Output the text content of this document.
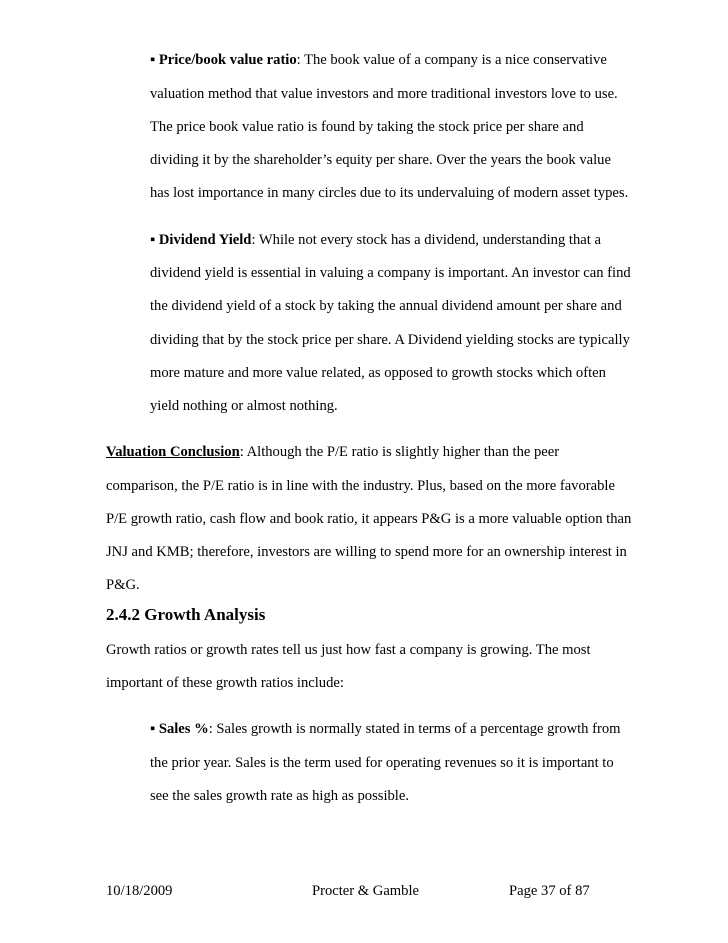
▪ Price/book value ratio: The book value of a company is a nice conservative
valuation method that value investors and more traditional investors love to use.
The price book value ratio is found by taking the stock price per share and
dividing it by the shareholder’s equity per share. Over the years the book value
has lost importance in many circles due to its undervaluing of modern asset types.
▪ Dividend Yield: While not every stock has a dividend, understanding that a
dividend yield is essential in valuing a company is important. An investor can find
the dividend yield of a stock by taking the annual dividend amount per share and
dividing that by the stock price per share. A Dividend yielding stocks are typically
more mature and more value related, as opposed to growth stocks which often
yield nothing or almost nothing.
Valuation Conclusion: Although the P/E ratio is slightly higher than the peer
comparison, the P/E ratio is in line with the industry. Plus, based on the more favorable
P/E growth ratio, cash flow and book ratio, it appears P&G is a more valuable option than
JNJ and KMB; therefore, investors are willing to spend more for an ownership interest in
P&G.
2.4.2 Growth Analysis
Growth ratios or growth rates tell us just how fast a company is growing. The most
important of these growth ratios include:
▪ Sales %: Sales growth is normally stated in terms of a percentage growth from
the prior year. Sales is the term used for operating revenues so it is important to
see the sales growth rate as high as possible.
10/18/2009	Procter & Gamble	Page 37 of 87
